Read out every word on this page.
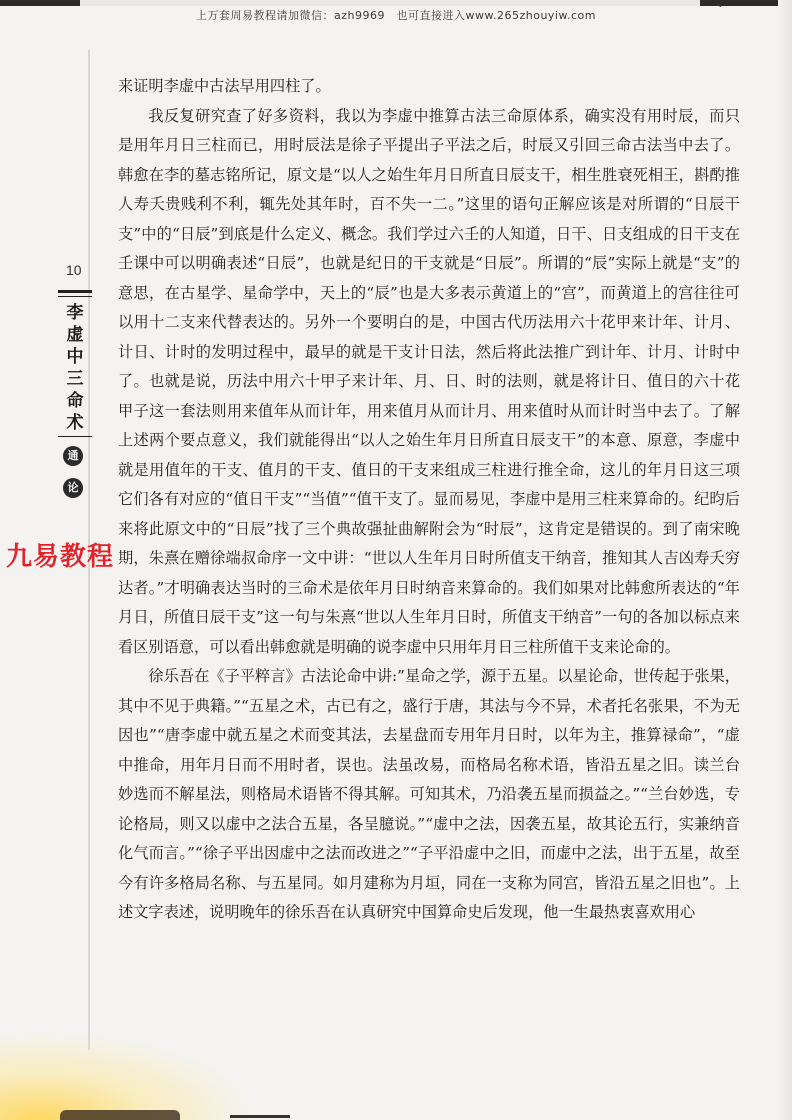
上万套周易教程请加微信：azh9969　也可直接进入www.265zhouyiw.com
·
10
李
虚
中
三
命
术
通
论
九易教程

来证明李虚中古法早用四柱了。

我反复研究查了好多资料，我以为李虚中推算古法三命原体系，确实没有用时辰，而只是用年月日三柱而已，用时辰法是徐子平提出子平法之后，时辰又引回三命古法当中去了。韩愈在李的墓志铭所记，原文是“以人之始生年月日所直日辰支干，相生胜衰死相王，斟酌推人寿夭贵贱利不利，辄先处其年时，百不失一二。”这里的语句正解应该是对所谓的“日辰干支”中的“日辰”到底是什么定义、概念。我们学过六壬的人知道，日干、日支组成的日干支在壬课中可以明确表述“日辰”，也就是纪日的干支就是“日辰”。所谓的“辰”实际上就是“支”的意思，在古星学、星命学中，天上的“辰”也是大多表示黄道上的“宫”，而黄道上的宫往往可以用十二支来代替表达的。另外一个要明白的是，中国古代历法用六十花甲来计年、计月、计日、计时的发明过程中，最早的就是干支计日法，然后将此法推广到计年、计月、计时中了。也就是说，历法中用六十甲子来计年、月、日、时的法则，就是将计日、值日的六十花甲子这一套法则用来值年从而计年，用来值月从而计月、用来值时从而计时当中去了。了解上述两个要点意义，我们就能得出“以人之始生年月日所直日辰支干”的本意、原意，李虚中就是用值年的干支、值月的干支、值日的干支来组成三柱进行推全命，这儿的年月日这三项它们各有对应的“值日干支”“当值”“值干支了。显而易见，李虚中是用三柱来算命的。纪昀后来将此原文中的“日辰”找了三个典故强扯曲解附会为“时辰”，这肯定是错误的。到了南宋晚期，朱熹在赠徐端叔命序一文中讲：“世以人生年月日时所值支干纳音，推知其人吉凶寿夭穷达者。”才明确表达当时的三命术是依年月日时纳音来算命的。我们如果对比韩愈所表达的“年月日，所值日辰干支”这一句与朱熹“世以人生年月日时，所值支干纳音”一句的各加以标点来看区别语意，可以看出韩愈就是明确的说李虚中只用年月日三柱所值干支来论命的。

徐乐吾在《子平粹言》古法论命中讲:”星命之学，源于五星。以星论命，世传起于张果，其中不见于典籍。”“五星之术，古已有之，盛行于唐，其法与今不异，术者托名张果，不为无因也”“唐李虚中就五星之术而变其法，去星盘而专用年月日时，以年为主，推算禄命”，“虚中推命，用年月日而不用时者，误也。法虽改易，而格局名称术语，皆沿五星之旧。读兰台妙选而不解星法，则格局术语皆不得其解。可知其术，乃沿袭五星而损益之。”“兰台妙选，专论格局，则又以虚中之法合五星，各呈臆说。”“虚中之法，因袭五星，故其论五行，实兼纳音化气而言。”“徐子平出因虚中之法而改进之”“子平沿虚中之旧，而虚中之法，出于五星，故至今有许多格局名称、与五星同。如月建称为月垣，同在一支称为同宫，皆沿五星之旧也”。上述文字表述，说明晚年的徐乐吾在认真研究中国算命史后发现，他一生最热衷喜欢用心
